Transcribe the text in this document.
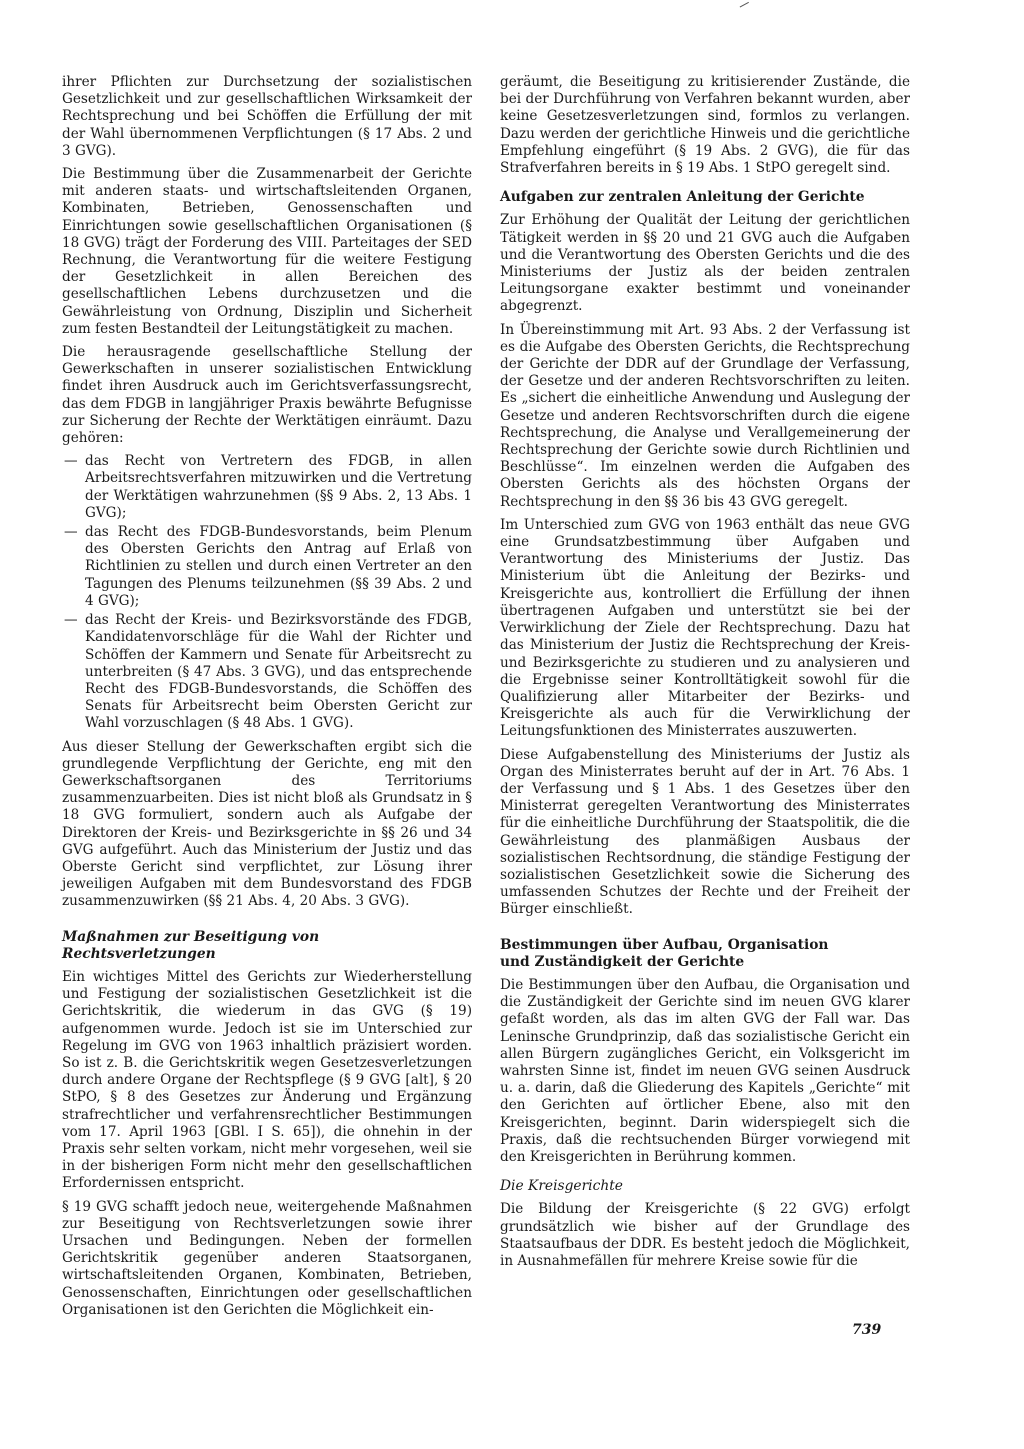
ihrer Pflichten zur Durchsetzung der sozialistischen Gesetzlichkeit und zur gesellschaftlichen Wirksamkeit der Rechtsprechung und bei Schöffen die Erfüllung der mit der Wahl übernommenen Verpflichtungen (§ 17 Abs. 2 und 3 GVG).

Die Bestimmung über die Zusammenarbeit der Gerichte mit anderen staats- und wirtschaftsleitenden Organen, Kombinaten, Betrieben, Genossenschaften und Einrichtungen sowie gesellschaftlichen Organisationen (§ 18 GVG) trägt der Forderung des VIII. Parteitages der SED Rechnung, die Verantwortung für die weitere Festigung der Gesetzlichkeit in allen Bereichen des gesellschaftlichen Lebens durchzusetzen und die Gewährleistung von Ordnung, Disziplin und Sicherheit zum festen Bestandteil der Leitungstätigkeit zu machen.

Die herausragende gesellschaftliche Stellung der Gewerkschaften in unserer sozialistischen Entwicklung findet ihren Ausdruck auch im Gerichtsverfassungsrecht, das dem FDGB in langjähriger Praxis bewährte Befugnisse zur Sicherung der Rechte der Werktätigen einräumt. Dazu gehören:

— das Recht von Vertretern des FDGB, in allen Arbeitsrechtsverfahren mitzuwirken und die Vertretung der Werktätigen wahrzunehmen (§§ 9 Abs. 2, 13 Abs. 1 GVG);
— das Recht des FDGB-Bundesvorstands, beim Plenum des Obersten Gerichts den Antrag auf Erlaß von Richtlinien zu stellen und durch einen Vertreter an den Tagungen des Plenums teilzunehmen (§§ 39 Abs. 2 und 4 GVG);
— das Recht der Kreis- und Bezirksvorstände des FDGB, Kandidatenvorschläge für die Wahl der Richter und Schöffen der Kammern und Senate für Arbeitsrecht zu unterbreiten (§ 47 Abs. 3 GVG), und das entsprechende Recht des FDGB-Bundesvorstands, die Schöffen des Senats für Arbeitsrecht beim Obersten Gericht zur Wahl vorzuschlagen (§ 48 Abs. 1 GVG).

Aus dieser Stellung der Gewerkschaften ergibt sich die grundlegende Verpflichtung der Gerichte, eng mit den Gewerkschaftsorganen des Territoriums zusammenzuarbeiten. Dies ist nicht bloß als Grundsatz in § 18 GVG formuliert, sondern auch als Aufgabe der Direktoren der Kreis- und Bezirksgerichte in §§ 26 und 34 GVG aufgeführt. Auch das Ministerium der Justiz und das Oberste Gericht sind verpflichtet, zur Lösung ihrer jeweiligen Aufgaben mit dem Bundesvorstand des FDGB zusammenzuwirken (§§ 21 Abs. 4, 20 Abs. 3 GVG).

Maßnahmen zur Beseitigung von Rechtsverletzungen

Ein wichtiges Mittel des Gerichts zur Wiederherstellung und Festigung der sozialistischen Gesetzlichkeit ist die Gerichtskritik, die wiederum in das GVG (§ 19) aufgenommen wurde. Jedoch ist sie im Unterschied zur Regelung im GVG von 1963 inhaltlich präzisiert worden. So ist z. B. die Gerichtskritik wegen Gesetzesverletzungen durch andere Organe der Rechtspflege (§ 9 GVG [alt], § 20 StPO, § 8 des Gesetzes zur Änderung und Ergänzung strafrechtlicher und verfahrensrechtlicher Bestimmungen vom 17. April 1963 [GBl. I S. 65]), die ohnehin in der Praxis sehr selten vorkam, nicht mehr vorgesehen, weil sie in der bisherigen Form nicht mehr den gesellschaftlichen Erfordernissen entspricht.

§ 19 GVG schafft jedoch neue, weitergehende Maßnahmen zur Beseitigung von Rechtsverletzungen sowie ihrer Ursachen und Bedingungen. Neben der formellen Gerichtskritik gegenüber anderen Staatsorganen, wirtschaftsleitenden Organen, Kombinaten, Betrieben, Genossenschaften, Einrichtungen oder gesellschaftlichen Organisationen ist den Gerichten die Möglichkeit ein-

geräumt, die Beseitigung zu kritisierender Zustände, die bei der Durchführung von Verfahren bekannt wurden, aber keine Gesetzesverletzungen sind, formlos zu verlangen. Dazu werden der gerichtliche Hinweis und die gerichtliche Empfehlung eingeführt (§ 19 Abs. 2 GVG), die für das Strafverfahren bereits in § 19 Abs. 1 StPO geregelt sind.

Aufgaben zur zentralen Anleitung der Gerichte

Zur Erhöhung der Qualität der Leitung der gerichtlichen Tätigkeit werden in §§ 20 und 21 GVG auch die Aufgaben und die Verantwortung des Obersten Gerichts und die des Ministeriums der Justiz als der beiden zentralen Leitungsorgane exakter bestimmt und voneinander abgegrenzt.

In Übereinstimmung mit Art. 93 Abs. 2 der Verfassung ist es die Aufgabe des Obersten Gerichts, die Rechtsprechung der Gerichte der DDR auf der Grundlage der Verfassung, der Gesetze und der anderen Rechtsvorschriften zu leiten. Es „sichert die einheitliche Anwendung und Auslegung der Gesetze und anderen Rechtsvorschriften durch die eigene Rechtsprechung, die Analyse und Verallgemeinerung der Rechtsprechung der Gerichte sowie durch Richtlinien und Beschlüsse“. Im einzelnen werden die Aufgaben des Obersten Gerichts als des höchsten Organs der Rechtsprechung in den §§ 36 bis 43 GVG geregelt.

Im Unterschied zum GVG von 1963 enthält das neue GVG eine Grundsatzbestimmung über Aufgaben und Verantwortung des Ministeriums der Justiz. Das Ministerium übt die Anleitung der Bezirks- und Kreisgerichte aus, kontrolliert die Erfüllung der ihnen übertragenen Aufgaben und unterstützt sie bei der Verwirklichung der Ziele der Rechtsprechung. Dazu hat das Ministerium der Justiz die Rechtsprechung der Kreis- und Bezirksgerichte zu studieren und zu analysieren und die Ergebnisse seiner Kontrolltätigkeit sowohl für die Qualifizierung aller Mitarbeiter der Bezirks- und Kreisgerichte als auch für die Verwirklichung der Leitungsfunktionen des Ministerrates auszuwerten.

Diese Aufgabenstellung des Ministeriums der Justiz als Organ des Ministerrates beruht auf der in Art. 76 Abs. 1 der Verfassung und § 1 Abs. 1 des Gesetzes über den Ministerrat geregelten Verantwortung des Ministerrates für die einheitliche Durchführung der Staatspolitik, die die Gewährleistung des planmäßigen Ausbaus der sozialistischen Rechtsordnung, die ständige Festigung der sozialistischen Gesetzlichkeit sowie die Sicherung des umfassenden Schutzes der Rechte und der Freiheit der Bürger einschließt.

Bestimmungen über Aufbau, Organisation
und Zuständigkeit der Gerichte

Die Bestimmungen über den Aufbau, die Organisation und die Zuständigkeit der Gerichte sind im neuen GVG klarer gefaßt worden, als das im alten GVG der Fall war. Das Leninsche Grundprinzip, daß das sozialistische Gericht ein allen Bürgern zugängliches Gericht, ein Volksgericht im wahrsten Sinne ist, findet im neuen GVG seinen Ausdruck u. a. darin, daß die Gliederung des Kapitels „Gerichte“ mit den Gerichten auf örtlicher Ebene, also mit den Kreisgerichten, beginnt. Darin widerspiegelt sich die Praxis, daß die rechtsuchenden Bürger vorwiegend mit den Kreisgerichten in Berührung kommen.

Die Kreisgerichte

Die Bildung der Kreisgerichte (§ 22 GVG) erfolgt grundsätzlich wie bisher auf der Grundlage des Staatsaufbaus der DDR. Es besteht jedoch die Möglichkeit, in Ausnahmefällen für mehrere Kreise sowie für die

739
